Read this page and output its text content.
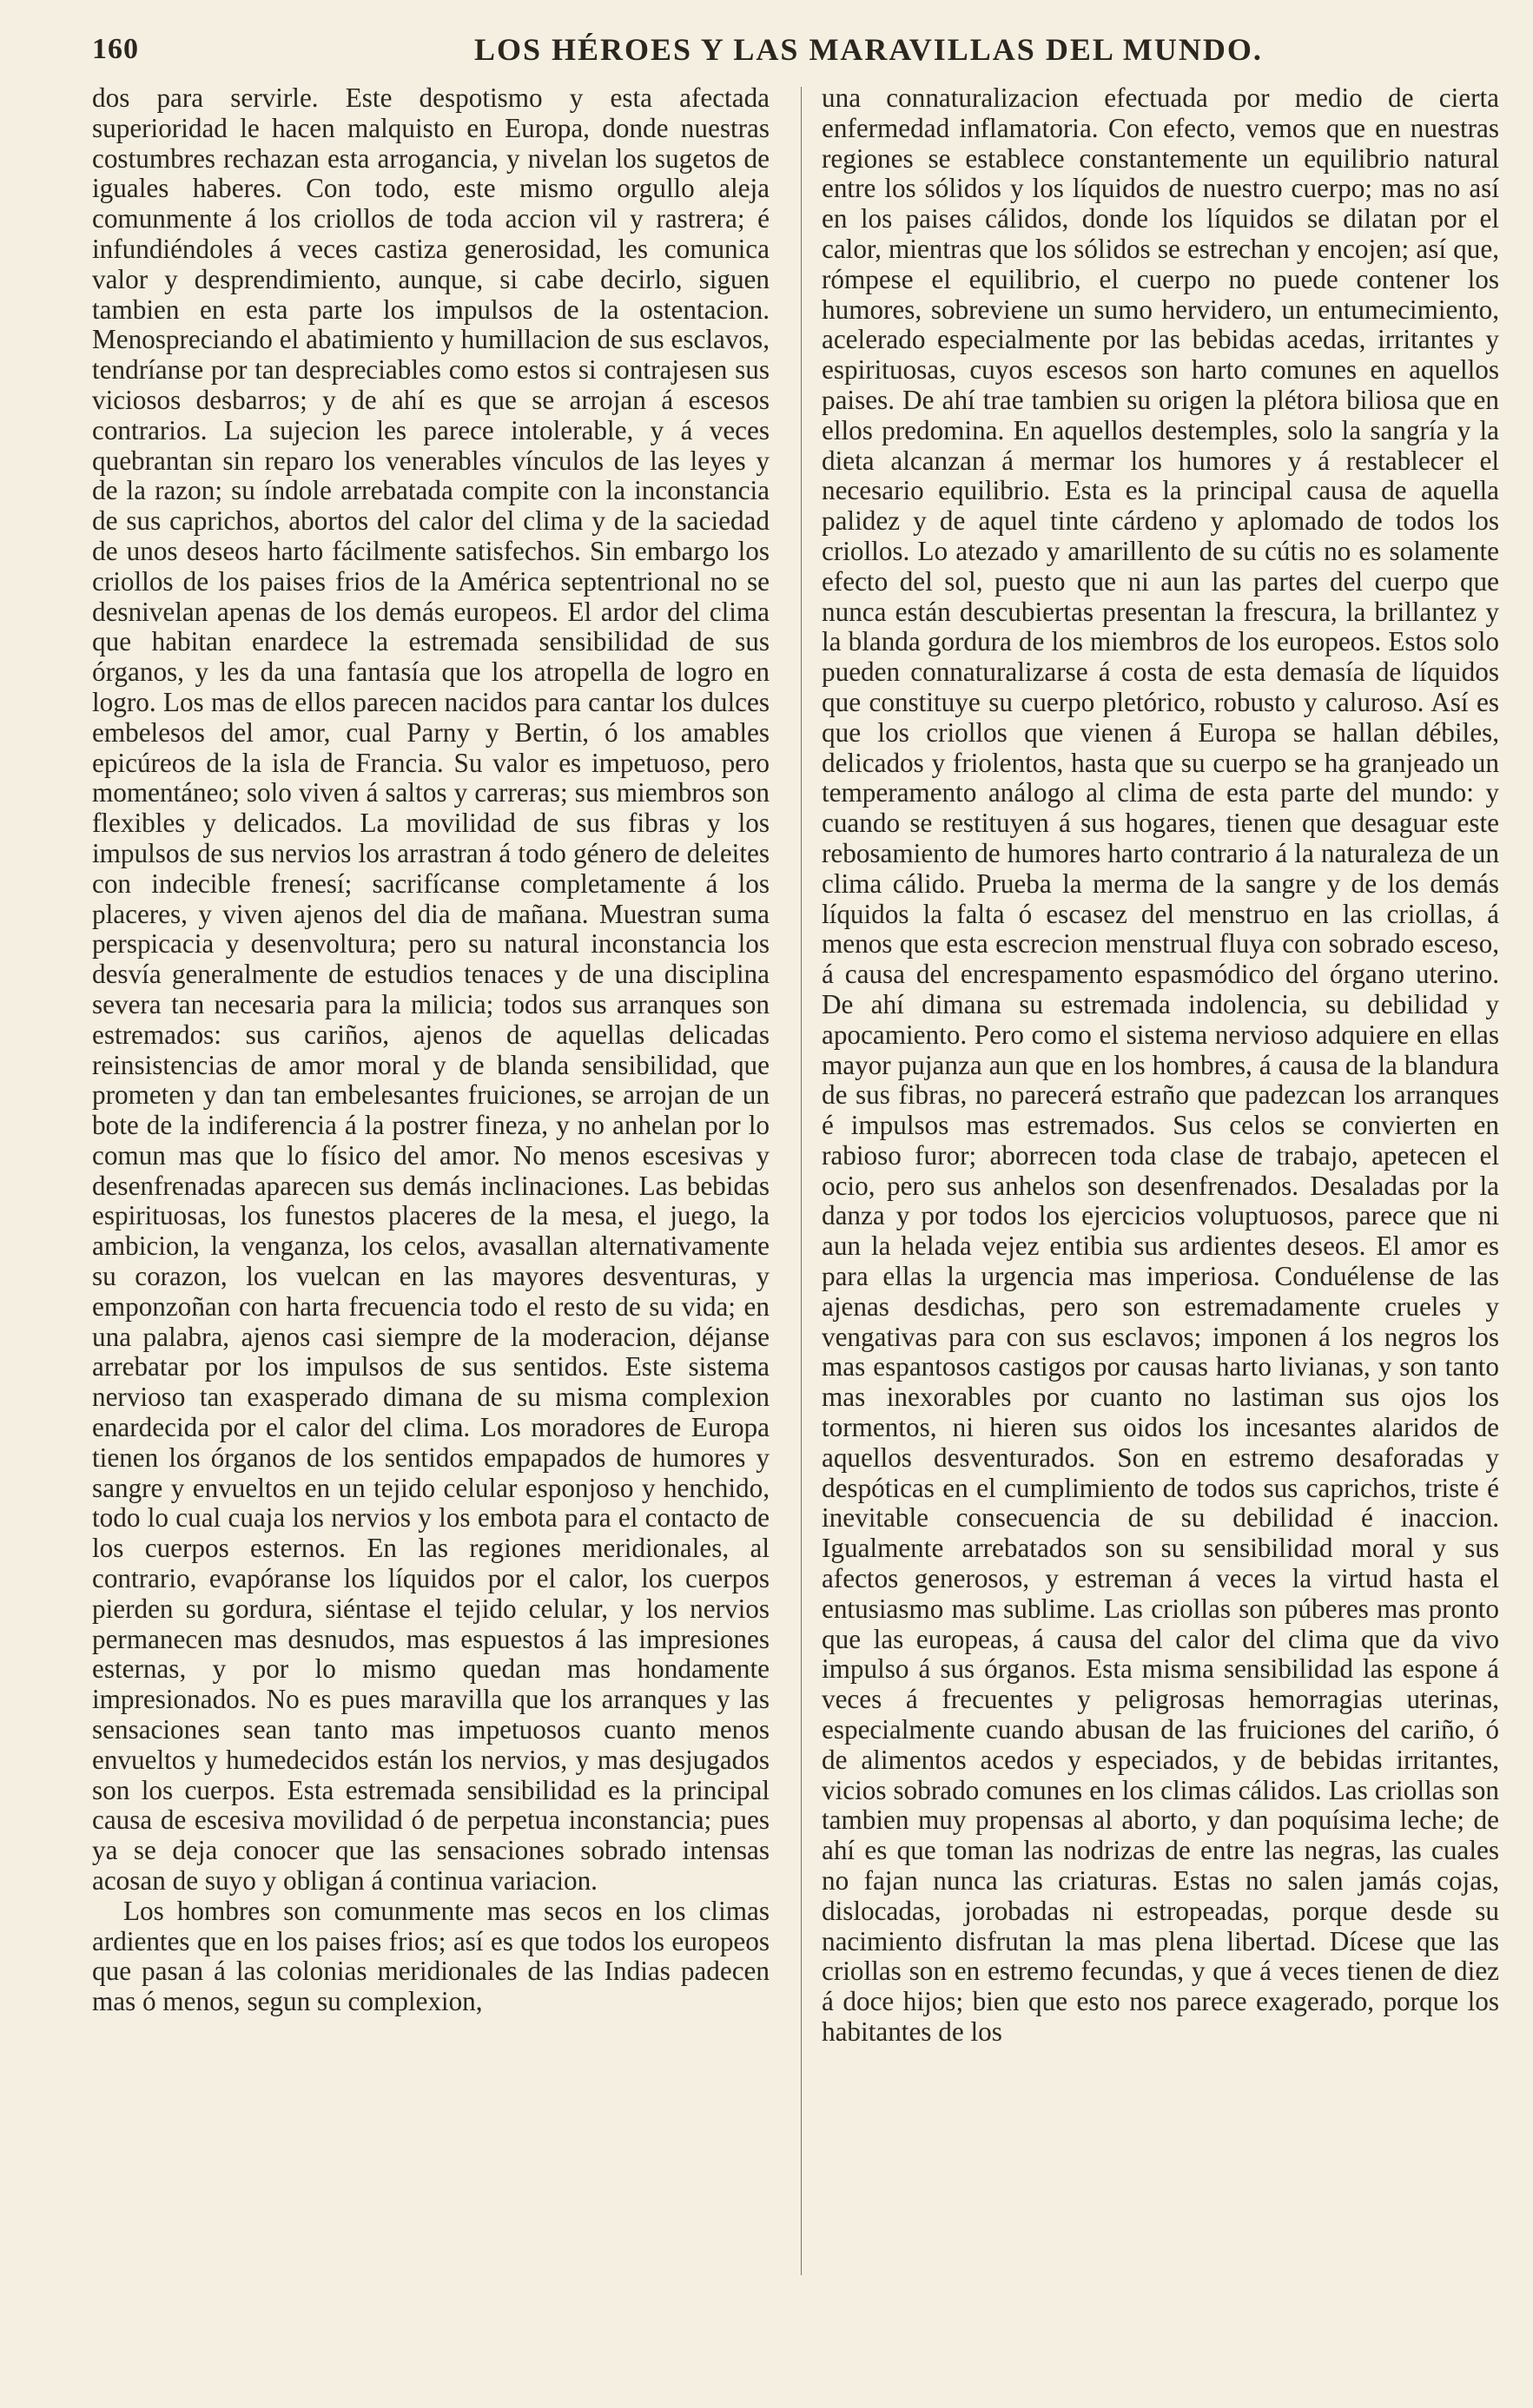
160	LOS HÉROES Y LAS MARAVILLAS DEL MUNDO.

dos para servirle. Este despotismo y esta afectada superioridad le hacen malquisto en Europa, donde nuestras costumbres rechazan esta arrogancia, y nivelan los sugetos de iguales haberes. Con todo, este mismo orgullo aleja comunmente á los criollos de toda accion vil y rastrera; é infundiéndoles á veces castiza generosidad, les comunica valor y desprendimiento, aunque, si cabe decirlo, siguen tambien en esta parte los impulsos de la ostentacion. Menospreciando el abatimiento y humillacion de sus esclavos, tendríanse por tan despreciables como estos si contrajesen sus viciosos desbarros; y de ahí es que se arrojan á escesos contrarios. La sujecion les parece intolerable, y á veces quebrantan sin reparo los venerables vínculos de las leyes y de la razon; su índole arrebatada compite con la inconstancia de sus caprichos, abortos del calor del clima y de la saciedad de unos deseos harto fácilmente satisfechos. Sin embargo los criollos de los paises frios de la América septentrional no se desnivelan apenas de los demás europeos. El ardor del clima que habitan enardece la estremada sensibilidad de sus órganos, y les da una fantasía que los atropella de logro en logro. Los mas de ellos parecen nacidos para cantar los dulces embelesos del amor, cual Parny y Bertin, ó los amables epicúreos de la isla de Francia. Su valor es impetuoso, pero momentáneo; solo viven á saltos y carreras; sus miembros son flexibles y delicados. La movilidad de sus fibras y los impulsos de sus nervios los arrastran á todo género de deleites con indecible frenesí; sacrifícanse completamente á los placeres, y viven ajenos del dia de mañana. Muestran suma perspicacia y desenvoltura; pero su natural inconstancia los desvía generalmente de estudios tenaces y de una disciplina severa tan necesaria para la milicia; todos sus arranques son estremados: sus cariños, ajenos de aquellas delicadas reinsistencias de amor moral y de blanda sensibilidad, que prometen y dan tan embelesantes fruiciones, se arrojan de un bote de la indiferencia á la postrer fineza, y no anhelan por lo comun mas que lo físico del amor. No menos escesivas y desenfrenadas aparecen sus demás inclinaciones. Las bebidas espirituosas, los funestos placeres de la mesa, el juego, la ambicion, la venganza, los celos, avasallan alternativamente su corazon, los vuelcan en las mayores desventuras, y emponzoñan con harta frecuencia todo el resto de su vida; en una palabra, ajenos casi siempre de la moderacion, déjanse arrebatar por los impulsos de sus sentidos. Este sistema nervioso tan exasperado dimana de su misma complexion enardecida por el calor del clima. Los moradores de Europa tienen los órganos de los sentidos empapados de humores y sangre y envueltos en un tejido celular esponjoso y henchido, todo lo cual cuaja los nervios y los embota para el contacto de los cuerpos esternos. En las regiones meridionales, al contrario, evapóranse los líquidos por el calor, los cuerpos pierden su gordura, siéntase el tejido celular, y los nervios permanecen mas desnudos, mas espuestos á las impresiones esternas, y por lo mismo quedan mas hondamente impresionados. No es pues maravilla que los arranques y las sensaciones sean tanto mas impetuosos cuanto menos envueltos y humedecidos están los nervios, y mas desjugados son los cuerpos. Esta estremada sensibilidad es la principal causa de escesiva movilidad ó de perpetua inconstancia; pues ya se deja conocer que las sensaciones sobrado intensas acosan de suyo y obligan á continua variacion.

Los hombres son comunmente mas secos en los climas ardientes que en los paises frios; así es que todos los europeos que pasan á las colonias meridionales de las Indias padecen mas ó menos, segun su complexion,

una connaturalizacion efectuada por medio de cierta enfermedad inflamatoria. Con efecto, vemos que en nuestras regiones se establece constantemente un equilibrio natural entre los sólidos y los líquidos de nuestro cuerpo; mas no así en los paises cálidos, donde los líquidos se dilatan por el calor, mientras que los sólidos se estrechan y encojen; así que, rómpese el equilibrio, el cuerpo no puede contener los humores, sobreviene un sumo hervidero, un entumecimiento, acelerado especialmente por las bebidas acedas, irritantes y espirituosas, cuyos escesos son harto comunes en aquellos paises. De ahí trae tambien su origen la plétora biliosa que en ellos predomina. En aquellos destemples, solo la sangría y la dieta alcanzan á mermar los humores y á restablecer el necesario equilibrio. Esta es la principal causa de aquella palidez y de aquel tinte cárdeno y aplomado de todos los criollos. Lo atezado y amarillento de su cútis no es solamente efecto del sol, puesto que ni aun las partes del cuerpo que nunca están descubiertas presentan la frescura, la brillantez y la blanda gordura de los miembros de los europeos. Estos solo pueden connaturalizarse á costa de esta demasía de líquidos que constituye su cuerpo pletórico, robusto y caluroso. Así es que los criollos que vienen á Europa se hallan débiles, delicados y friolentos, hasta que su cuerpo se ha granjeado un temperamento análogo al clima de esta parte del mundo: y cuando se restituyen á sus hogares, tienen que desaguar este rebosamiento de humores harto contrario á la naturaleza de un clima cálido. Prueba la merma de la sangre y de los demás líquidos la falta ó escasez del menstruo en las criollas, á menos que esta escrecion menstrual fluya con sobrado esceso, á causa del encrespamento espasmódico del órgano uterino. De ahí dimana su estremada indolencia, su debilidad y apocamiento. Pero como el sistema nervioso adquiere en ellas mayor pujanza aun que en los hombres, á causa de la blandura de sus fibras, no parecerá estraño que padezcan los arranques é impulsos mas estremados. Sus celos se convierten en rabioso furor; aborrecen toda clase de trabajo, apetecen el ocio, pero sus anhelos son desenfrenados. Desaladas por la danza y por todos los ejercicios voluptuosos, parece que ni aun la helada vejez entibia sus ardientes deseos. El amor es para ellas la urgencia mas imperiosa. Conduélense de las ajenas desdichas, pero son estremadamente crueles y vengativas para con sus esclavos; imponen á los negros los mas espantosos castigos por causas harto livianas, y son tanto mas inexorables por cuanto no lastiman sus ojos los tormentos, ni hieren sus oidos los incesantes alaridos de aquellos desventurados. Son en estremo desaforadas y despóticas en el cumplimiento de todos sus caprichos, triste é inevitable consecuencia de su debilidad é inaccion. Igualmente arrebatados son su sensibilidad moral y sus afectos generosos, y estreman á veces la virtud hasta el entusiasmo mas sublime. Las criollas son púberes mas pronto que las europeas, á causa del calor del clima que da vivo impulso á sus órganos. Esta misma sensibilidad las espone á veces á frecuentes y peligrosas hemorragias uterinas, especialmente cuando abusan de las fruiciones del cariño, ó de alimentos acedos y especiados, y de bebidas irritantes, vicios sobrado comunes en los climas cálidos. Las criollas son tambien muy propensas al aborto, y dan poquísima leche; de ahí es que toman las nodrizas de entre las negras, las cuales no fajan nunca las criaturas. Estas no salen jamás cojas, dislocadas, jorobadas ni estropeadas, porque desde su nacimiento disfrutan la mas plena libertad. Dícese que las criollas son en estremo fecundas, y que á veces tienen de diez á doce hijos; bien que esto nos parece exagerado, porque los habitantes de los
